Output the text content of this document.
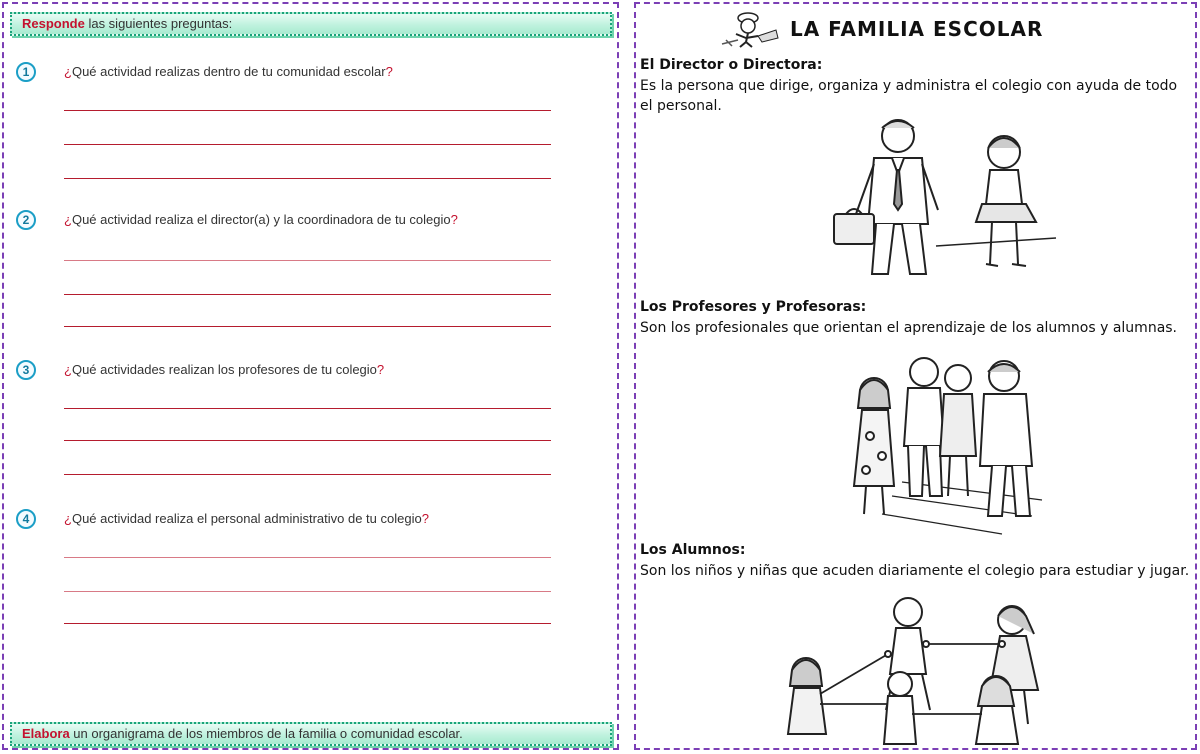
Responde las siguientes preguntas:
1	¿Qué actividad realizas dentro de tu comunidad escolar?
2	¿Qué actividad realiza el director(a) y la coordinadora de tu colegio?
3	¿Qué actividades realizan los profesores de tu colegio?
4	¿Qué actividad realiza el personal administrativo de tu colegio?
Elabora un organigrama de los miembros de la familia o comunidad escolar.
LA FAMILIA ESCOLAR
El Director o Directora:
Es la persona que dirige, organiza y administra el colegio con ayuda de todo el personal.
Los Profesores y Profesoras:
Son los profesionales que orientan el aprendizaje de los alumnos y alumnas.
Los Alumnos:
Son los niños y niñas que acuden diariamente el colegio para estudiar y jugar.
